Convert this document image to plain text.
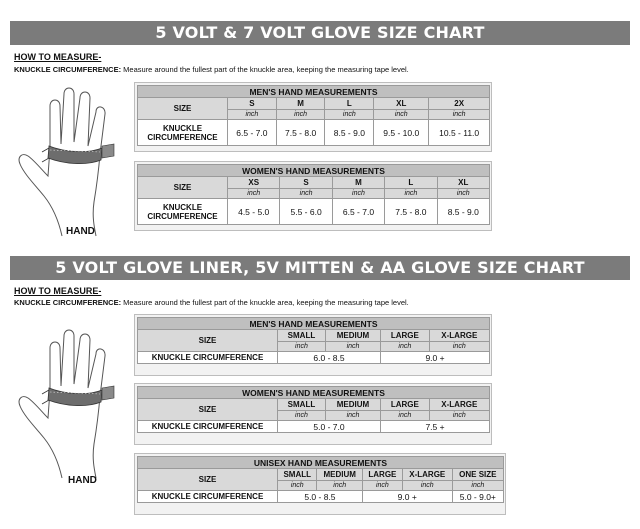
5 VOLT & 7 VOLT GLOVE SIZE CHART
HOW TO MEASURE-
KNUCKLE CIRCUMFERENCE: Measure around the fullest part of the knuckle area, keeping the measuring tape level.
HAND
MEN'S HAND MEASUREMENTS					
SIZE	S	M	L	XL	2X
	inch	inch	inch	inch	inch
KNUCKLE
CIRCUMFERENCE	6.5 - 7.0	7.5 - 8.0	8.5 - 9.0	9.5 - 10.0	10.5 - 11.0
WOMEN'S HAND MEASUREMENTS					
SIZE	XS	S	M	L	XL
	inch	inch	inch	inch	inch
KNUCKLE
CIRCUMFERENCE	4.5 - 5.0	5.5 - 6.0	6.5 - 7.0	7.5 - 8.0	8.5 - 9.0
5 VOLT GLOVE LINER, 5V MITTEN & AA GLOVE SIZE CHART
HOW TO MEASURE-
KNUCKLE CIRCUMFERENCE: Measure around the fullest part of the knuckle area, keeping the measuring tape level.
HAND
MEN'S HAND MEASUREMENTS				
SIZE	SMALL	MEDIUM	LARGE	X-LARGE
	inch	inch	inch	inch
KNUCKLE CIRCUMFERENCE	6.0 - 8.5		9.0 +	
WOMEN'S HAND MEASUREMENTS				
SIZE	SMALL	MEDIUM	LARGE	X-LARGE
	inch	inch	inch	inch
KNUCKLE CIRCUMFERENCE	5.0 - 7.0		7.5 +	
UNISEX HAND MEASUREMENTS					
SIZE	SMALL	MEDIUM	LARGE	X-LARGE	ONE SIZE
	inch	inch	inch	inch	inch
KNUCKLE CIRCUMFERENCE	5.0 - 8.5		9.0 +		5.0 - 9.0+
